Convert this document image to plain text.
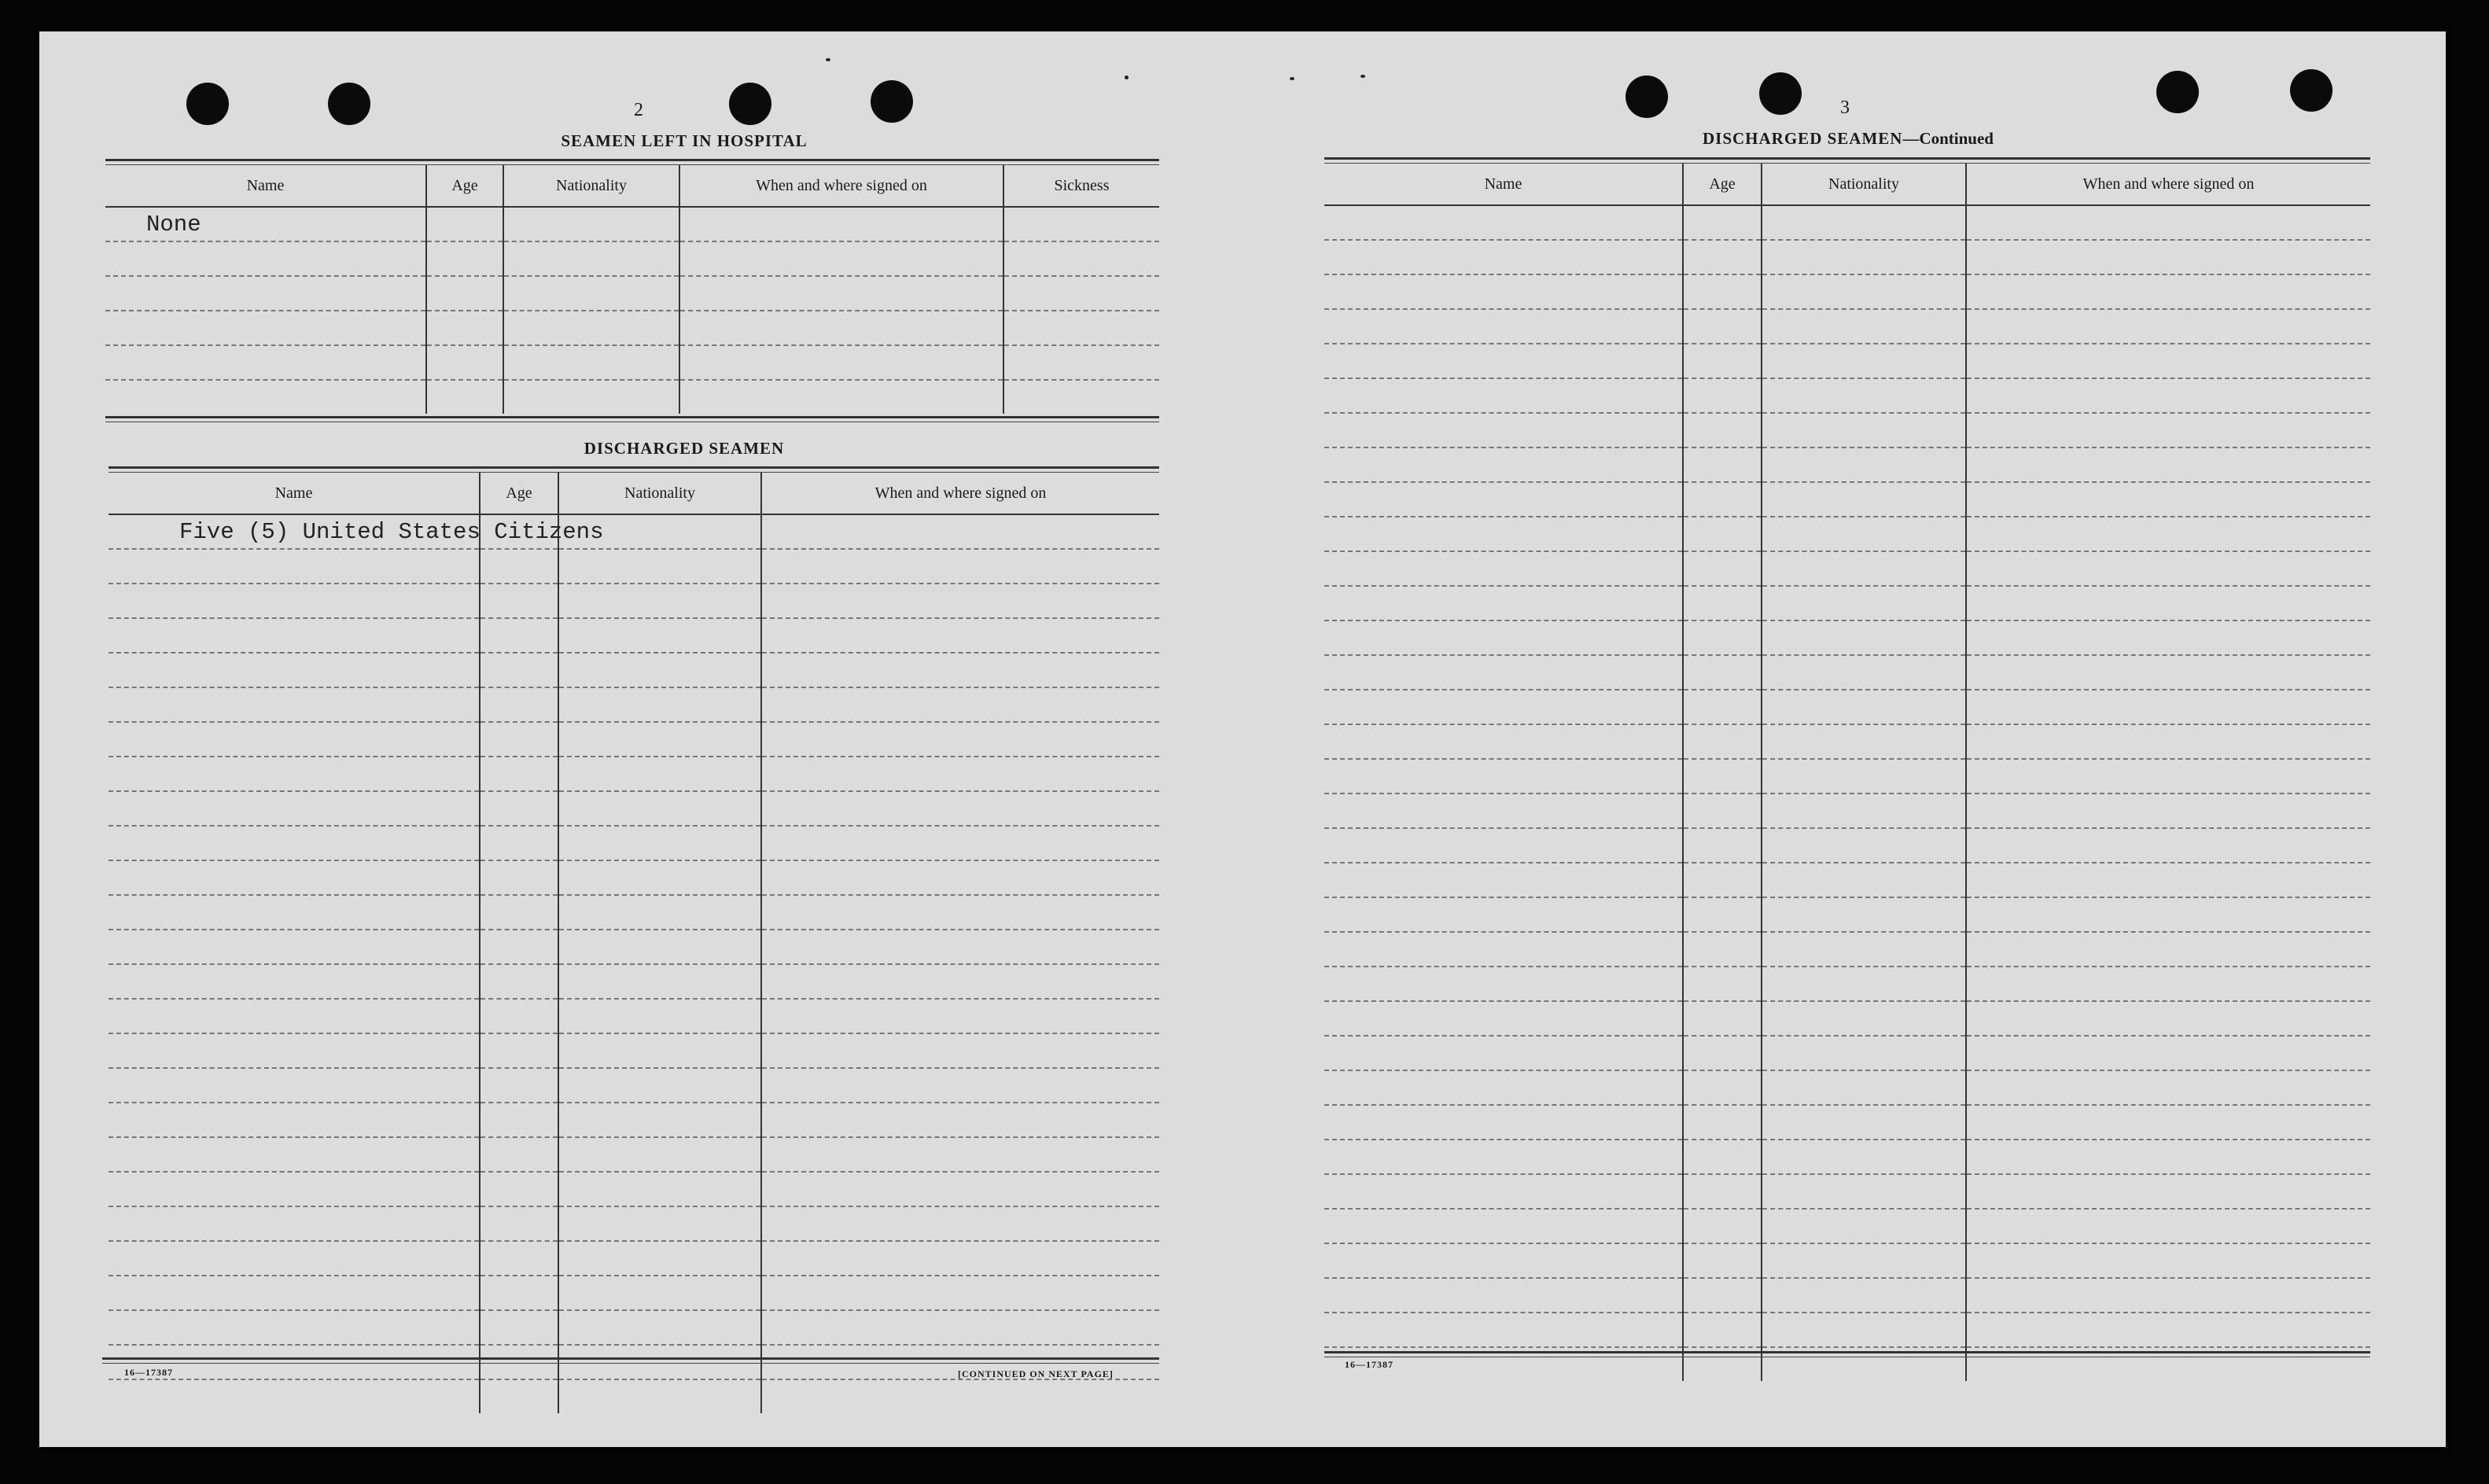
2
SEAMEN LEFT IN HOSPITAL
Name	Age	Nationality	When and where signed on	Sickness
None				

DISCHARGED SEAMEN
Name	Age	Nationality	When and where signed on
Five (5) United States Citizens			

16—17387	[CONTINUED ON NEXT PAGE]
3
DISCHARGED SEAMEN—Continued
Name	Age	Nationality	When and where signed on

16—17387
